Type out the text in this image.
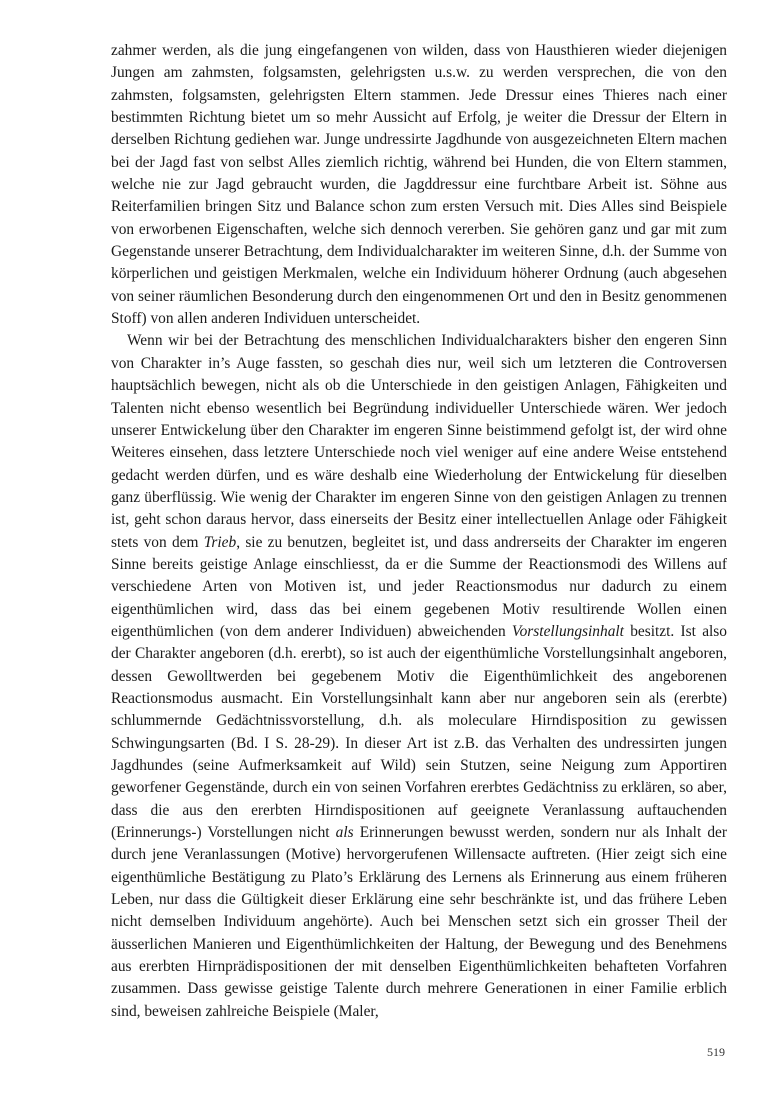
zahmer werden, als die jung eingefangenen von wilden, dass von Hausthieren wieder diejenigen Jungen am zahmsten, folgsamsten, gelehrigsten u.s.w. zu werden versprechen, die von den zahmsten, folgsamsten, gelehrigsten Eltern stammen. Jede Dressur eines Thieres nach einer bestimmten Richtung bietet um so mehr Aussicht auf Erfolg, je weiter die Dressur der Eltern in derselben Richtung gediehen war. Junge undressirte Jagdhunde von ausgezeichneten Eltern machen bei der Jagd fast von selbst Alles ziemlich richtig, während bei Hunden, die von Eltern stammen, welche nie zur Jagd gebraucht wurden, die Jagddressur eine furchtbare Arbeit ist. Söhne aus Reiterfamilien bringen Sitz und Balance schon zum ersten Versuch mit. Dies Alles sind Beispiele von erworbenen Eigenschaften, welche sich dennoch vererben. Sie gehören ganz und gar mit zum Gegenstande unserer Betrachtung, dem Individualcharakter im weiteren Sinne, d.h. der Summe von körperlichen und geistigen Merkmalen, welche ein Individuum höherer Ordnung (auch abgesehen von seiner räumlichen Besonderung durch den eingenommenen Ort und den in Besitz genommenen Stoff) von allen anderen Individuen unterscheidet.

Wenn wir bei der Betrachtung des menschlichen Individualcharakters bisher den engeren Sinn von Charakter in’s Auge fassten, so geschah dies nur, weil sich um letzteren die Controversen hauptsächlich bewegen, nicht als ob die Unterschiede in den geistigen Anlagen, Fähigkeiten und Talenten nicht ebenso wesentlich bei Begründung individueller Unterschiede wären. Wer jedoch unserer Entwickelung über den Charakter im engeren Sinne beistimmend gefolgt ist, der wird ohne Weiteres einsehen, dass letztere Unterschiede noch viel weniger auf eine andere Weise entstehend gedacht werden dürfen, und es wäre deshalb eine Wiederholung der Entwickelung für dieselben ganz überflüssig. Wie wenig der Charakter im engeren Sinne von den geistigen Anlagen zu trennen ist, geht schon daraus hervor, dass einerseits der Besitz einer intellectuellen Anlage oder Fähigkeit stets von dem Trieb, sie zu benutzen, begleitet ist, und dass andrerseits der Charakter im engeren Sinne bereits geistige Anlage einschliesst, da er die Summe der Reactionsmodi des Willens auf verschiedene Arten von Motiven ist, und jeder Reactionsmodus nur dadurch zu einem eigenthümlichen wird, dass das bei einem gegebenen Motiv resultirende Wollen einen eigenthümlichen (von dem anderer Individuen) abweichenden Vorstellungsinhalt besitzt. Ist also der Charakter angeboren (d.h. ererbt), so ist auch der eigenthümliche Vorstellungsinhalt angeboren, dessen Gewolltwerden bei gegebenem Motiv die Eigenthümlichkeit des angeborenen Reactionsmodus ausmacht. Ein Vorstellungsinhalt kann aber nur angeboren sein als (ererbte) schlummernde Gedächtnissvorstellung, d.h. als moleculare Hirndisposition zu gewissen Schwingungsarten (Bd. I S. 28-29). In dieser Art ist z.B. das Verhalten des undressirten jungen Jagdhundes (seine Aufmerksamkeit auf Wild) sein Stutzen, seine Neigung zum Apportiren geworfener Gegenstände, durch ein von seinen Vorfahren ererbtes Gedächtniss zu erklären, so aber, dass die aus den ererbten Hirndispositionen auf geeignete Veranlassung auftauchenden (Erinnerungs-) Vorstellungen nicht als Erinnerungen bewusst werden, sondern nur als Inhalt der durch jene Veranlassungen (Motive) hervorgerufenen Willensacte auftreten. (Hier zeigt sich eine eigenthümliche Bestätigung zu Plato’s Erklärung des Lernens als Erinnerung aus einem früheren Leben, nur dass die Gültigkeit dieser Erklärung eine sehr beschränkte ist, und das frühere Leben nicht demselben Individuum angehörte). Auch bei Menschen setzt sich ein grosser Theil der äusserlichen Manieren und Eigenthümlichkeiten der Haltung, der Bewegung und des Benehmens aus ererbten Hirnprädispositionen der mit denselben Eigenthümlichkeiten behafteten Vorfahren zusammen. Dass gewisse geistige Talente durch mehrere Generationen in einer Familie erblich sind, beweisen zahlreiche Beispiele (Maler,

519
